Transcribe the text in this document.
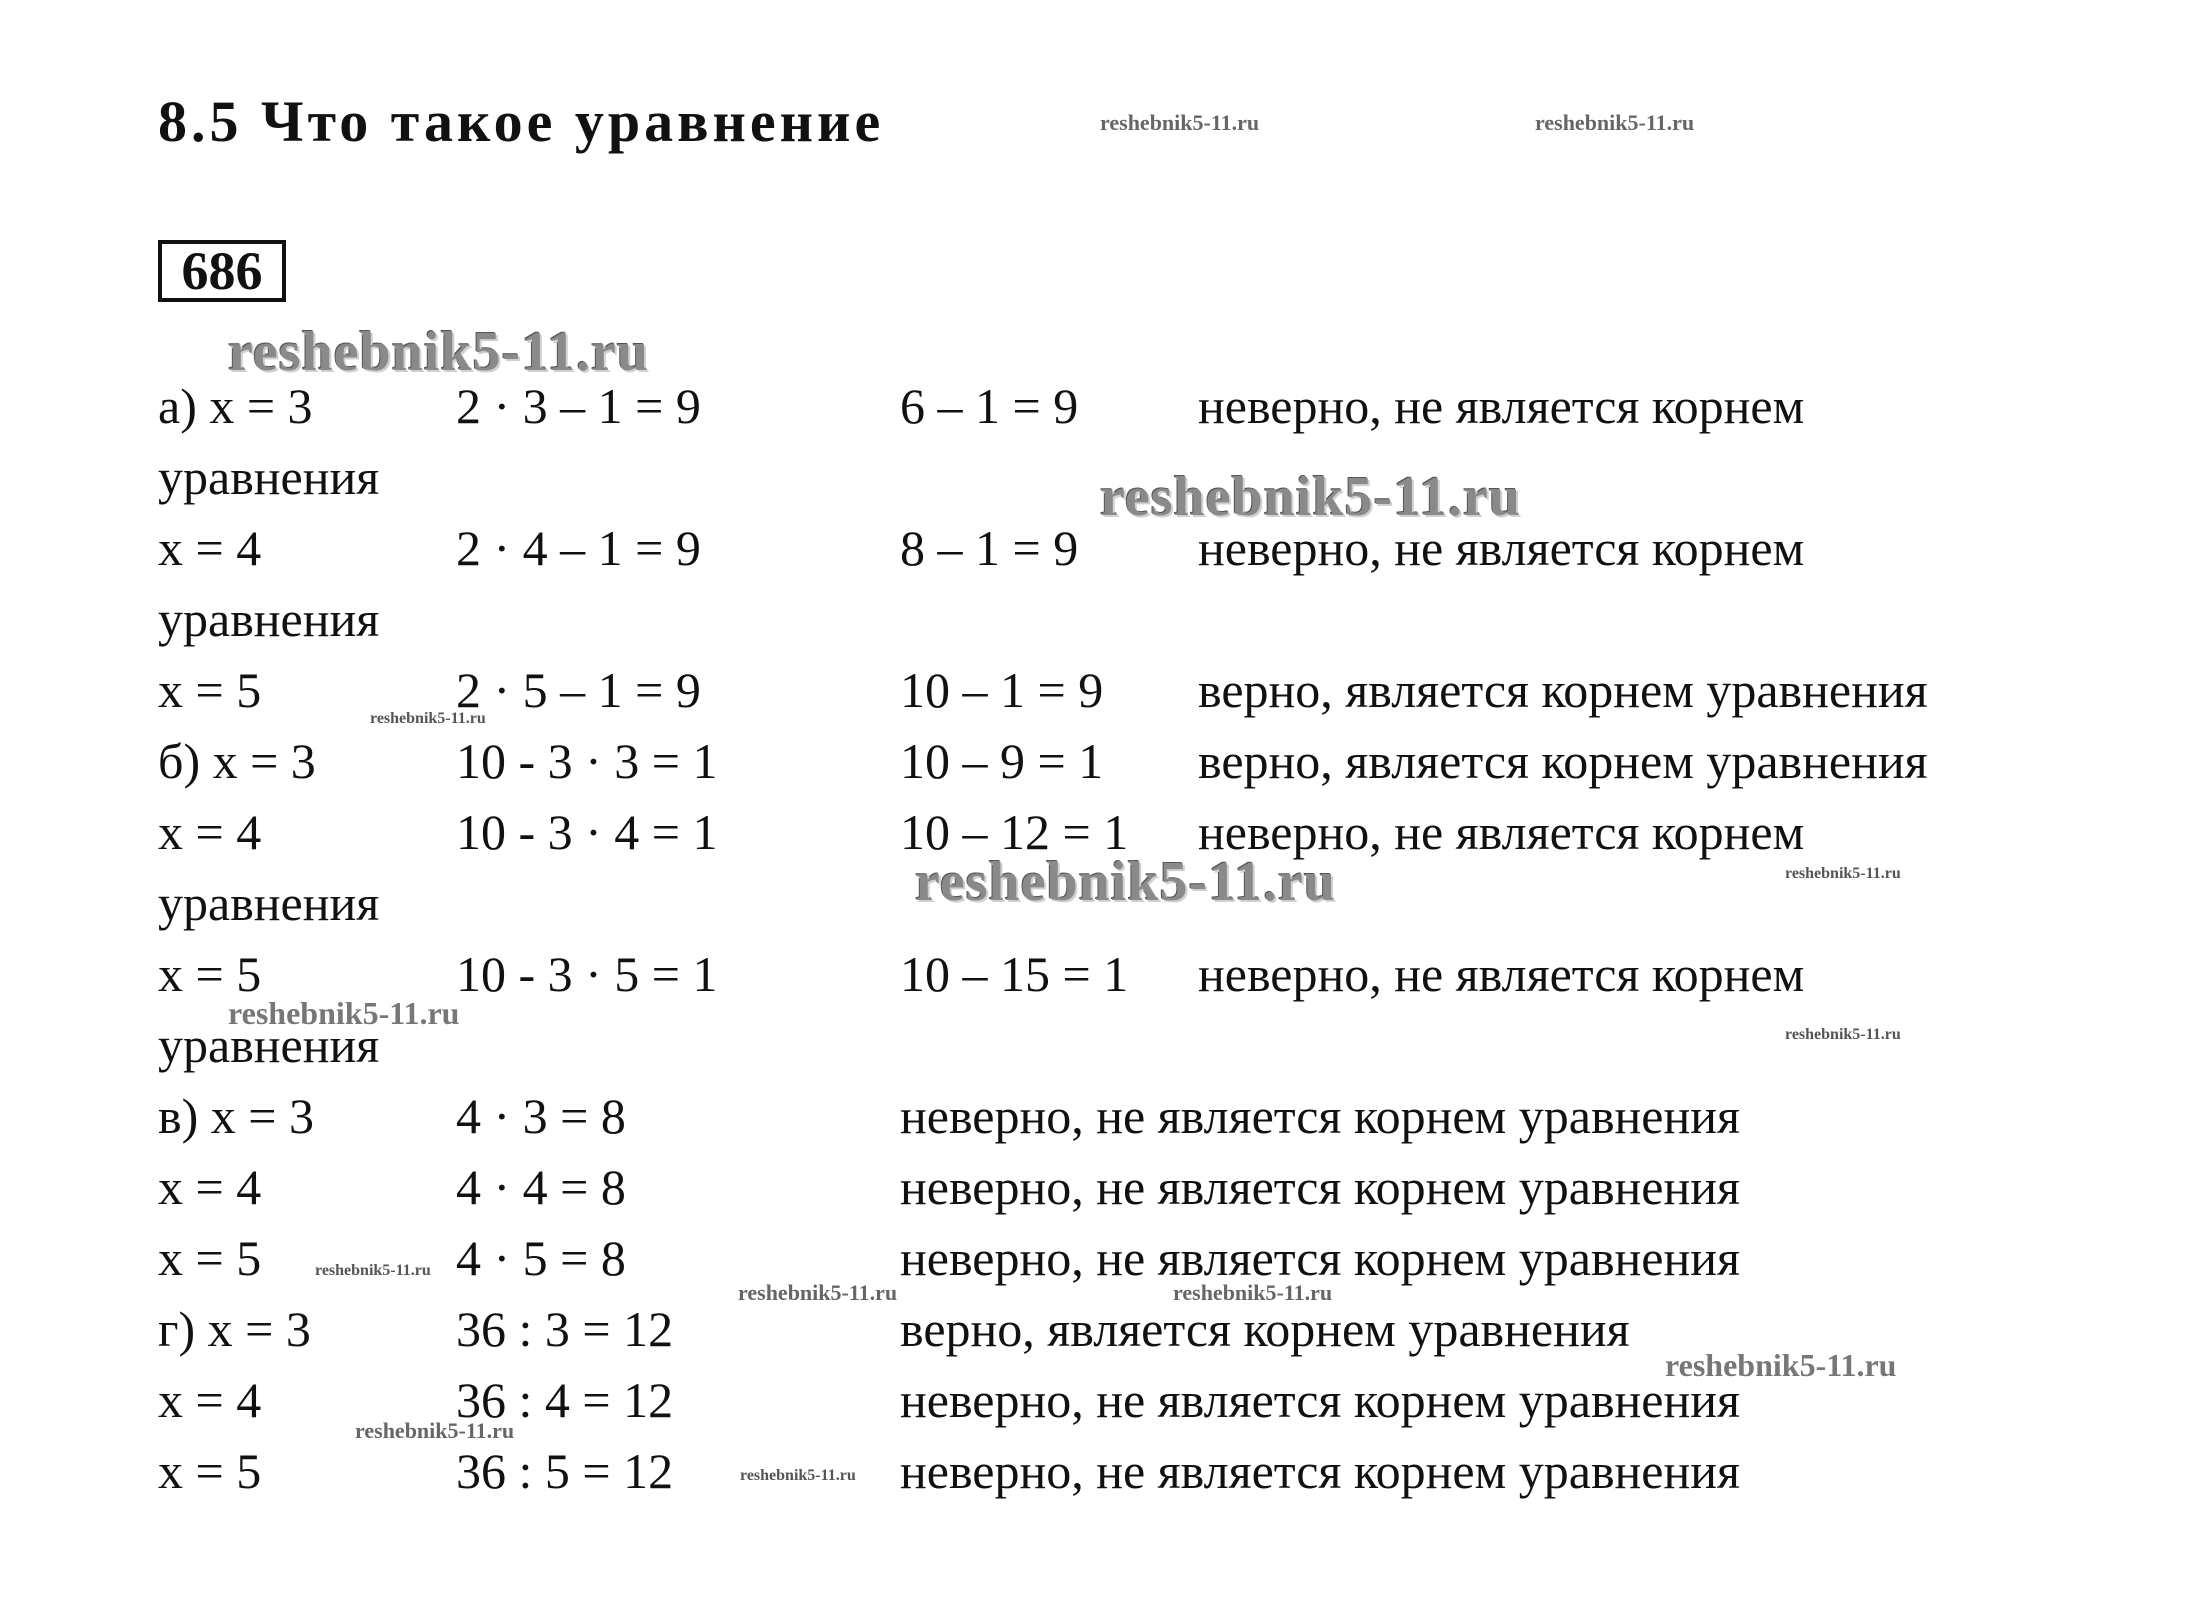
8.5 Что такое уравнение
686
а) x = 3	2 · 3 – 1 = 9	6 – 1 = 9 неверно, не является корнем
уравнения
x = 4	2 · 4 – 1 = 9	8 – 1 = 9 неверно, не является корнем
уравнения
x = 5	2 · 5 – 1 = 9	10 – 1 = 9 верно, является корнем уравнения
б) x = 3	10 - 3 · 3 = 1	10 – 9 = 1 верно, является корнем уравнения
x = 4	10 - 3 · 4 = 1	10 – 12 = 1 неверно, не является корнем
уравнения
x = 5	10 - 3 · 5 = 1	10 – 15 = 1 неверно, не является корнем
уравнения
в) x = 3	4 · 3 = 8	неверно, не является корнем уравнения
x = 4	4 · 4 = 8	неверно, не является корнем уравнения
x = 5	4 · 5 = 8	неверно, не является корнем уравнения
г) x = 3	36 : 3 = 12	верно, является корнем уравнения
x = 4	36 : 4 = 12	неверно, не является корнем уравнения
x = 5	36 : 5 = 12	неверно, не является корнем уравнения
reshebnik5-11.ru	reshebnik5-11.ru
reshebnik5-11.ru
reshebnik5-11.ru
reshebnik5-11.ru
reshebnik5-11.ru	reshebnik5-11.ru
reshebnik5-11.ru
reshebnik5-11.ru
reshebnik5-11.ru
reshebnik5-11.ru	reshebnik5-11.ru
reshebnik5-11.ru
reshebnik5-11.ru
reshebnik5-11.ru
